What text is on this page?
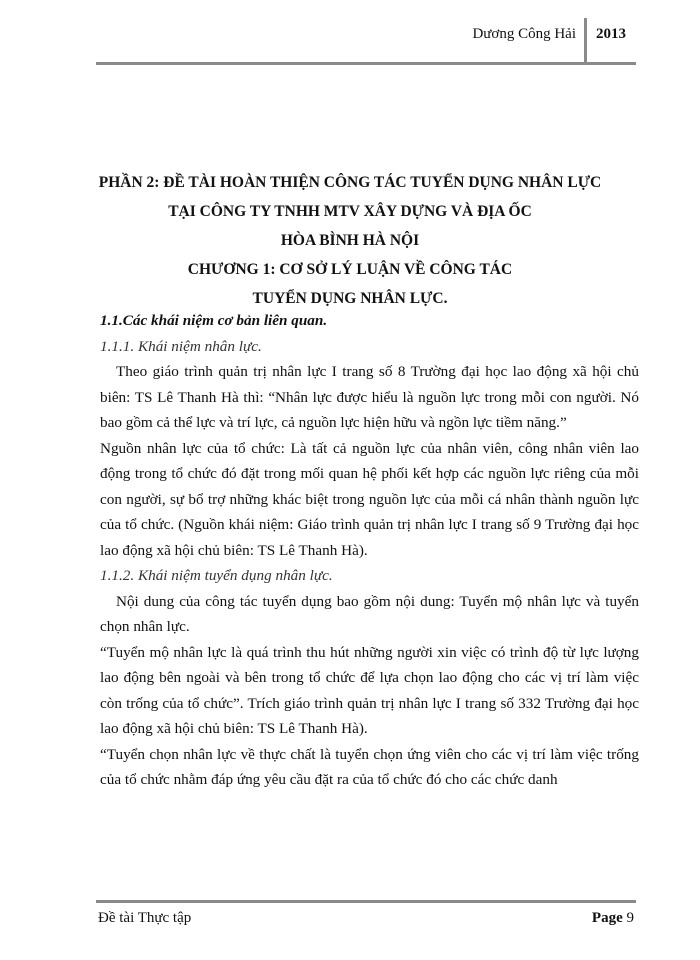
Dương Công Hải 2013
PHẦN 2: ĐỀ TÀI HOÀN THIỆN CÔNG TÁC TUYỂN DỤNG NHÂN LỰC
TẠI CÔNG TY TNHH MTV XÂY DỰNG VÀ ĐỊA ỐC
HÒA BÌNH HÀ NỘI
CHƯƠNG 1: CƠ SỞ LÝ LUẬN VỀ CÔNG TÁC
TUYỂN DỤNG NHÂN LỰC.

1.1.Các khái niệm cơ bản liên quan.

1.1.1. Khái niệm nhân lực.

Theo giáo trình quản trị nhân lực I trang số 8 Trường đại học lao động xã hội chủ biên: TS Lê Thanh Hà thì: “Nhân lực được hiểu là nguồn lực trong mỗi con người. Nó bao gồm cả thể lực và trí lực, cả nguồn lực hiện hữu và ngồn lực tiềm năng.”

Nguồn nhân lực của tổ chức: Là tất cả nguồn lực của nhân viên, công nhân viên lao động trong tổ chức đó đặt trong mối quan hệ phối kết hợp các nguồn lực riêng của mỗi con người, sự bổ trợ những khác biệt trong nguồn lực của mỗi cá nhân thành nguồn lực của tổ chức. (Nguồn khái niệm: Giáo trình quản trị nhân lực I trang số 9 Trường đại học lao động xã hội chủ biên: TS Lê Thanh Hà).

1.1.2. Khái niệm tuyển dụng nhân lực.

Nội dung của công tác tuyển dụng bao gồm nội dung: Tuyển mộ nhân lực và tuyển chọn nhân lực.

“Tuyển mộ nhân lực là quá trình thu hút những người xin việc có trình độ từ lực lượng lao động bên ngoài và bên trong tổ chức để lựa chọn lao động cho các vị trí làm việc còn trống của tổ chức”. Trích giáo trình quản trị nhân lực I trang số 332 Trường đại học lao động xã hội chủ biên: TS Lê Thanh Hà).

“Tuyển chọn nhân lực về thực chất là tuyển chọn ứng viên cho các vị trí làm việc trống của tổ chức nhằm đáp ứng yêu cầu đặt ra của tổ chức đó cho các chức danh

Đề tài Thực tập	Page 9
